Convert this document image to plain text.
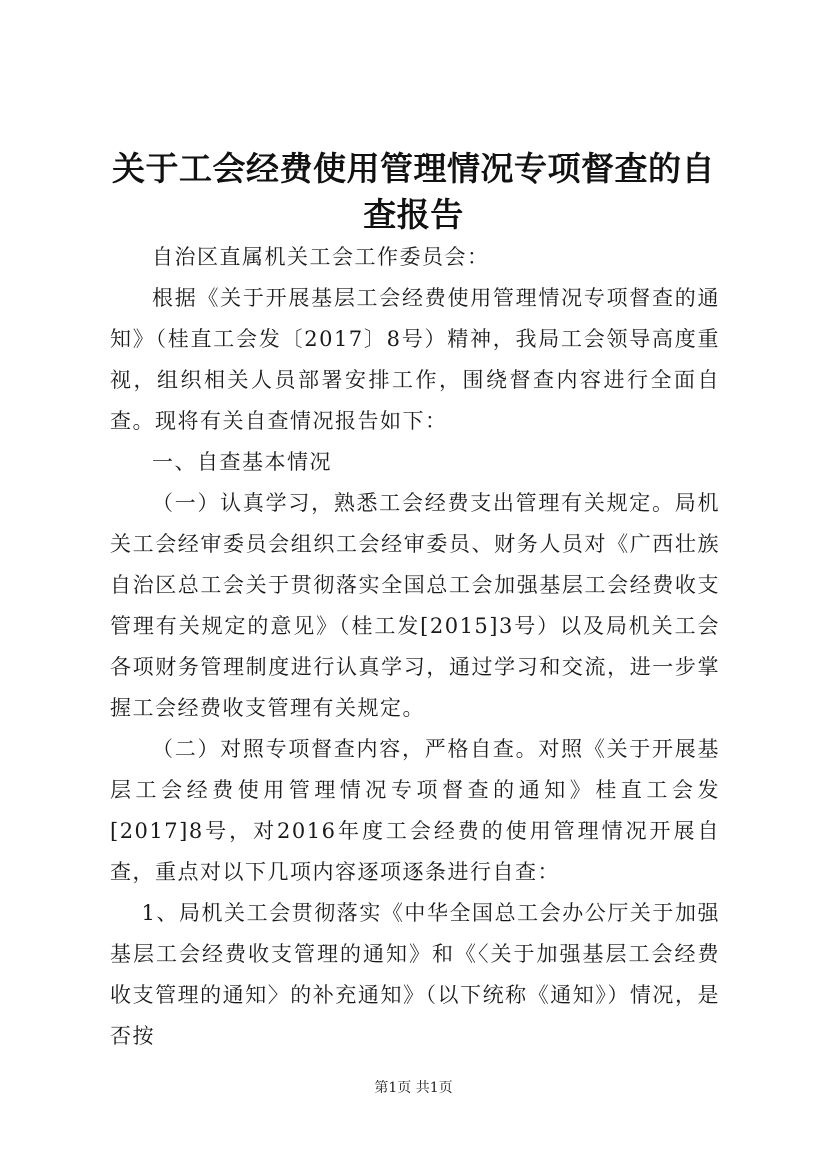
关于工会经费使用管理情况专项督查的自查报告

自治区直属机关工会工作委员会：

根据《关于开展基层工会经费使用管理情况专项督查的通知》（桂直工会发〔2017〕8号）精神，我局工会领导高度重视，组织相关人员部署安排工作，围绕督查内容进行全面自查。现将有关自查情况报告如下：

一、自查基本情况

（一）认真学习，熟悉工会经费支出管理有关规定。局机关工会经审委员会组织工会经审委员、财务人员对《广西壮族自治区总工会关于贯彻落实全国总工会加强基层工会经费收支管理有关规定的意见》（桂工发[2015]3号）以及局机关工会各项财务管理制度进行认真学习，通过学习和交流，进一步掌握工会经费收支管理有关规定。

（二）对照专项督查内容，严格自查。对照《关于开展基层工会经费使用管理情况专项督查的通知》桂直工会发[2017]8号，对2016年度工会经费的使用管理情况开展自查，重点对以下几项内容逐项逐条进行自查：

1、局机关工会贯彻落实《中华全国总工会办公厅关于加强基层工会经费收支管理的通知》和《〈关于加强基层工会经费收支管理的通知〉的补充通知》（以下统称《通知》）情况，是否按

第1页 共1页
